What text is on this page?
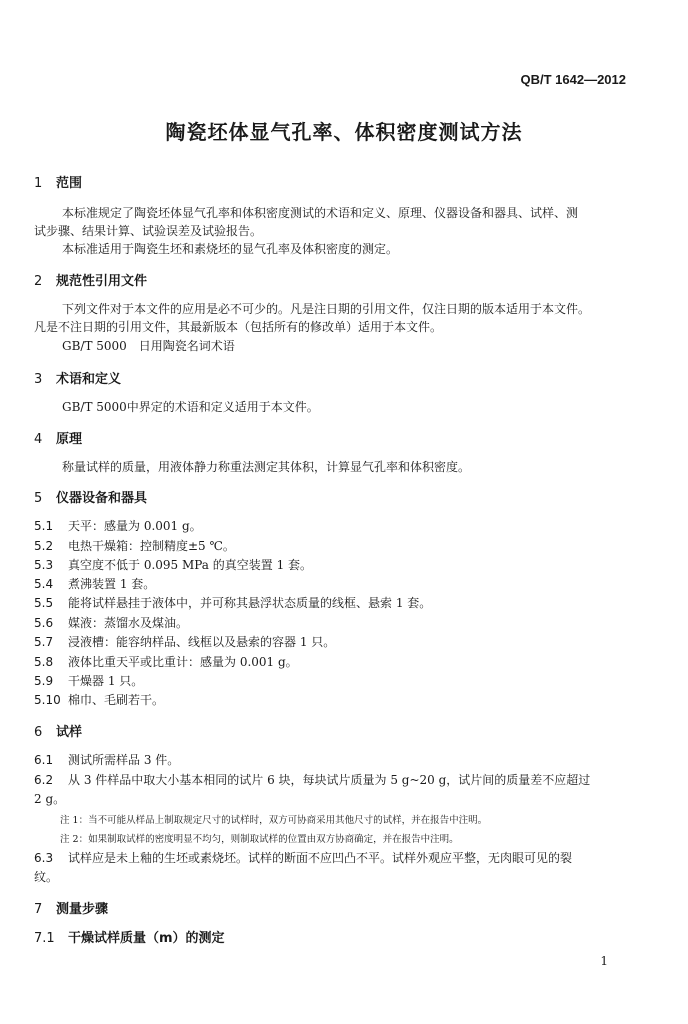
QB/T 1642—2012
陶瓷坯体显气孔率、体积密度测试方法
1 范围
本标准规定了陶瓷坯体显气孔率和体积密度测试的术语和定义、原理、仪器设备和器具、试样、测
试步骤、结果计算、试验误差及试验报告。
本标准适用于陶瓷生坯和素烧坯的显气孔率及体积密度的测定。
2 规范性引用文件
下列文件对于本文件的应用是必不可少的。凡是注日期的引用文件，仅注日期的版本适用于本文件。
凡是不注日期的引用文件，其最新版本（包括所有的修改单）适用于本文件。
GB/T 5000　日用陶瓷名词术语
3 术语和定义
GB/T 5000中界定的术语和定义适用于本文件。
4 原理
称量试样的质量，用液体静力称重法测定其体积，计算显气孔率和体积密度。
5 仪器设备和器具
5.1 天平：感量为 0.001 g。
5.2 电热干燥箱：控制精度±5 ℃。
5.3 真空度不低于 0.095 MPa 的真空装置 1 套。
5.4 煮沸装置 1 套。
5.5 能将试样悬挂于液体中，并可称其悬浮状态质量的线框、悬索 1 套。
5.6 媒液：蒸馏水及煤油。
5.7 浸液槽：能容纳样品、线框以及悬索的容器 1 只。
5.8 液体比重天平或比重计：感量为 0.001 g。
5.9 干燥器 1 只。
5.10 棉巾、毛刷若干。
6 试样
6.1 测试所需样品 3 件。
6.2 从 3 件样品中取大小基本相同的试片 6 块，每块试片质量为 5 g~20 g，试片间的质量差不应超过
2 g。
注 1：当不可能从样品上制取规定尺寸的试样时，双方可协商采用其他尺寸的试样，并在报告中注明。
注 2：如果制取试样的密度明显不均匀，则制取试样的位置由双方协商确定，并在报告中注明。
6.3 试样应是未上釉的生坯或素烧坯。试样的断面不应凹凸不平。试样外观应平整，无肉眼可见的裂
纹。
7 测量步骤
7.1 干燥试样质量（m）的测定
1
